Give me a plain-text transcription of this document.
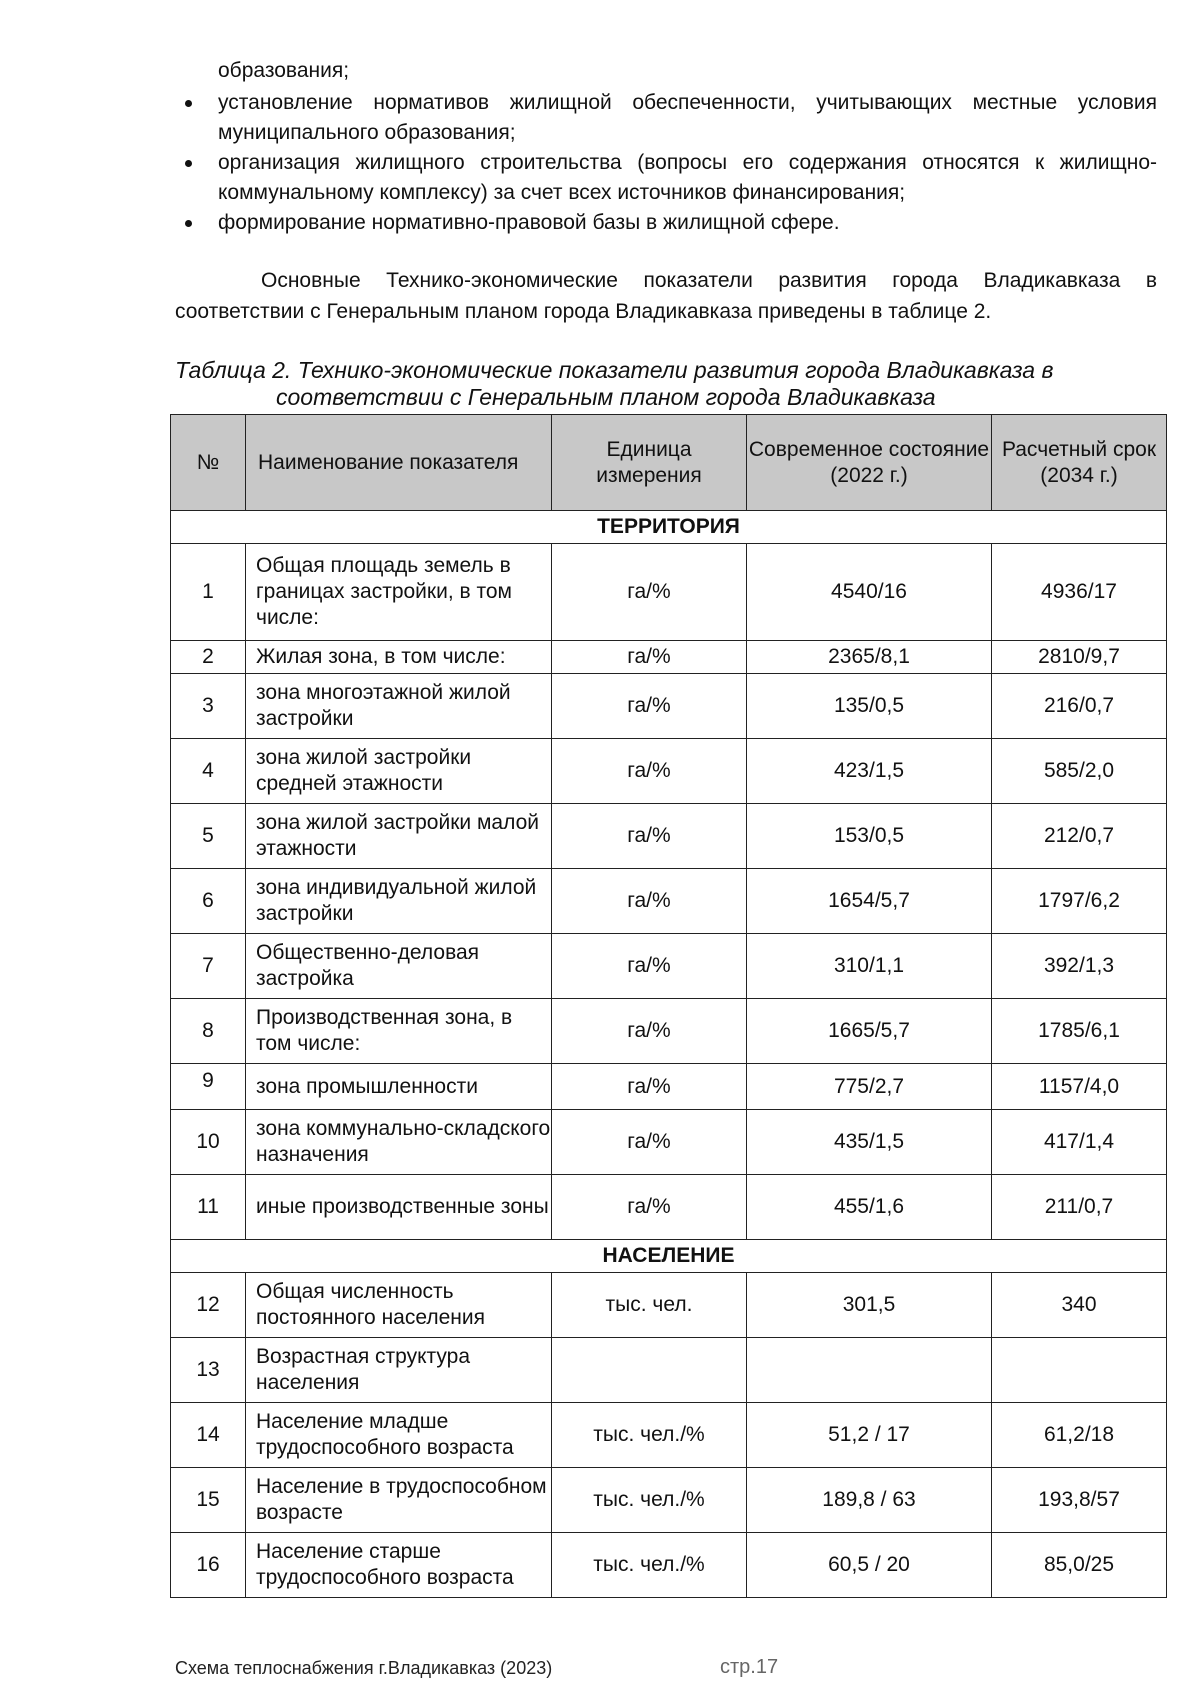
образования;
установление нормативов жилищной обеспеченности, учитывающих местные условия муниципального образования;
организация жилищного строительства (вопросы его содержания относятся к жилищно-коммунальному комплексу) за счет всех источников финансирования;
формирование нормативно-правовой базы в жилищной сфере.

Основные Технико-экономические показатели развития города Владикавказа в соответствии с Генеральным планом города Владикавказа приведены в таблице 2.

Таблица 2. Технико-экономические показатели развития города Владикавказа в
соответствии с Генеральным планом города Владикавказа
№	Наименование показателя	Единица измерения	Современное состояние (2022 г.)	Расчетный срок (2034 г.)
ТЕРРИТОРИЯ				
1	Общая площадь земель в границах застройки, в том числе:	га/%	4540/16	4936/17
2	Жилая зона, в том числе:	га/%	2365/8,1	2810/9,7
3	зона многоэтажной жилой застройки	га/%	135/0,5	216/0,7
4	зона жилой застройки средней этажности	га/%	423/1,5	585/2,0
5	зона жилой застройки малой этажности	га/%	153/0,5	212/0,7
6	зона индивидуальной жилой застройки	га/%	1654/5,7	1797/6,2
7	Общественно-деловая застройка	га/%	310/1,1	392/1,3
8	Производственная зона, в том числе:	га/%	1665/5,7	1785/6,1
9	зона промышленности	га/%	775/2,7	1157/4,0
10	зона коммунально-складского назначения	га/%	435/1,5	417/1,4
11	иные производственные зоны	га/%	455/1,6	211/0,7
НАСЕЛЕНИЕ				
12	Общая численность постоянного населения	тыс. чел.	301,5	340
13	Возрастная структура населения			
14	Население младше трудоспособного возраста	тыс. чел./%	51,2 / 17	61,2/18
15	Население в трудоспособном возрасте	тыс. чел./%	189,8 / 63	193,8/57
16	Население старше трудоспособного возраста	тыс. чел./%	60,5 / 20	85,0/25
Схема теплоснабжения г.Владикавказ (2023)	стр.17
